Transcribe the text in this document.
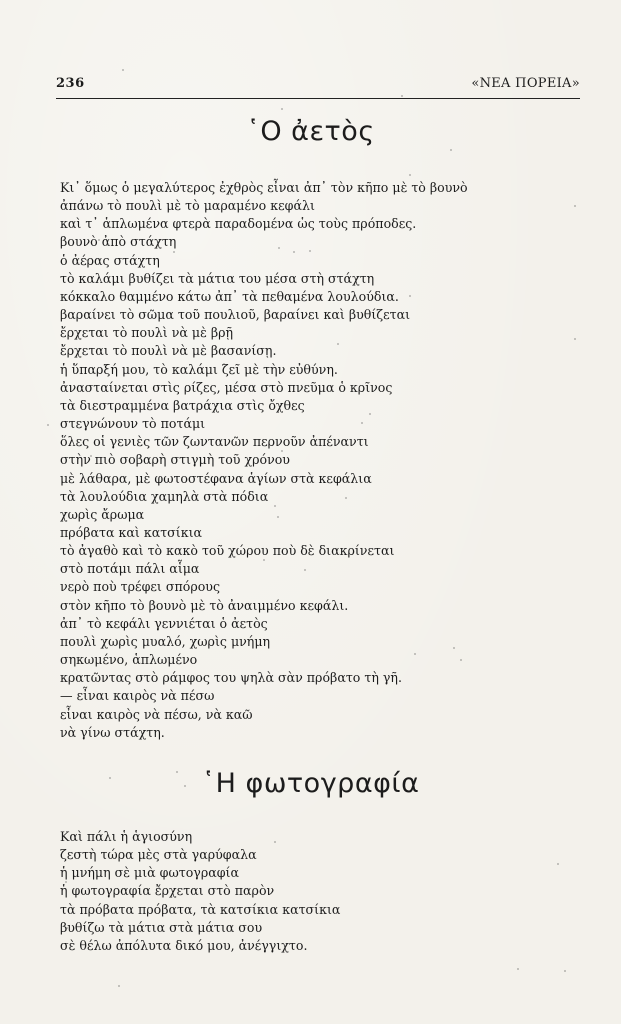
236	«ΝΕΑ ΠΟΡΕΙΑ»
῾Ο ἀετὸς
Κι᾽ ὅμως ὁ μεγαλύτερος ἐχθρὸς εἶναι ἀπ᾽ τὸν κῆπο μὲ τὸ βουνὸ
ἀπάνω τὸ πουλὶ μὲ τὸ μαραμένο κεφάλι
καὶ τ᾽ ἁπλωμένα φτερὰ παραδομένα ὡς τοὺς πρόποδες.
βουνὸ ἀπὸ στάχτη
ὁ ἀέρας στάχτη
τὸ καλάμι βυθίζει τὰ μάτια του μέσα στὴ στάχτη
κόκκαλο θαμμένο κάτω ἀπ᾽ τὰ πεθαμένα λουλούδια.
βαραίνει τὸ σῶμα τοῦ πουλιοῦ, βαραίνει καὶ βυθίζεται
ἔρχεται τὸ πουλὶ νὰ μὲ βρῇ
ἔρχεται τὸ πουλὶ νὰ μὲ βασανίσῃ.
ἡ ὕπαρξή μου, τὸ καλάμι ζεῖ μὲ τὴν εὐθύνη.
ἀνασταίνεται στὶς ρίζες, μέσα στὸ πνεῦμα ὁ κρῖνος
τὰ διεστραμμένα βατράχια στὶς ὄχθες
στεγνώνουν τὸ ποτάμι
ὅλες οἱ γενιὲς τῶν ζωντανῶν περνοῦν ἀπέναντι
στὴν πιὸ σοβαρὴ στιγμὴ τοῦ χρόνου
μὲ λάθαρα, μὲ φωτοστέφανα ἁγίων στὰ κεφάλια
τὰ λουλούδια χαμηλὰ στὰ πόδια
χωρὶς ἄρωμα
πρόβατα καὶ κατσίκια
τὸ ἀγαθὸ καὶ τὸ κακὸ τοῦ χώρου ποὺ δὲ διακρίνεται
στὸ ποτάμι πάλι αἷμα
νερὸ ποὺ τρέφει σπόρους
στὸν κῆπο τὸ βουνὸ μὲ τὸ ἀναιμμένο κεφάλι.
ἀπ᾽ τὸ κεφάλι γεννιέται ὁ ἀετὸς
πουλὶ χωρὶς μυαλό, χωρὶς μνήμη
σηκωμένο, ἁπλωμένο
κρατῶντας στὸ ράμφος του ψηλὰ σὰν πρόβατο τὴ γῆ.
— εἶναι καιρὸς νὰ πέσω
εἶναι καιρὸς νὰ πέσω, νὰ καῶ
νὰ γίνω στάχτη.
῾Η φωτογραφία
Καὶ πάλι ἡ ἁγιοσύνη
ζεστὴ τώρα μὲς στὰ γαρύφαλα
ἡ μνήμη σὲ μιὰ φωτογραφία
ἡ φωτογραφία ἔρχεται στὸ παρὸν
τὰ πρόβατα πρόβατα, τὰ κατσίκια κατσίκια
βυθίζω τὰ μάτια στὰ μάτια σου
σὲ θέλω ἀπόλυτα δικό μου, ἀνέγγιχτο.
